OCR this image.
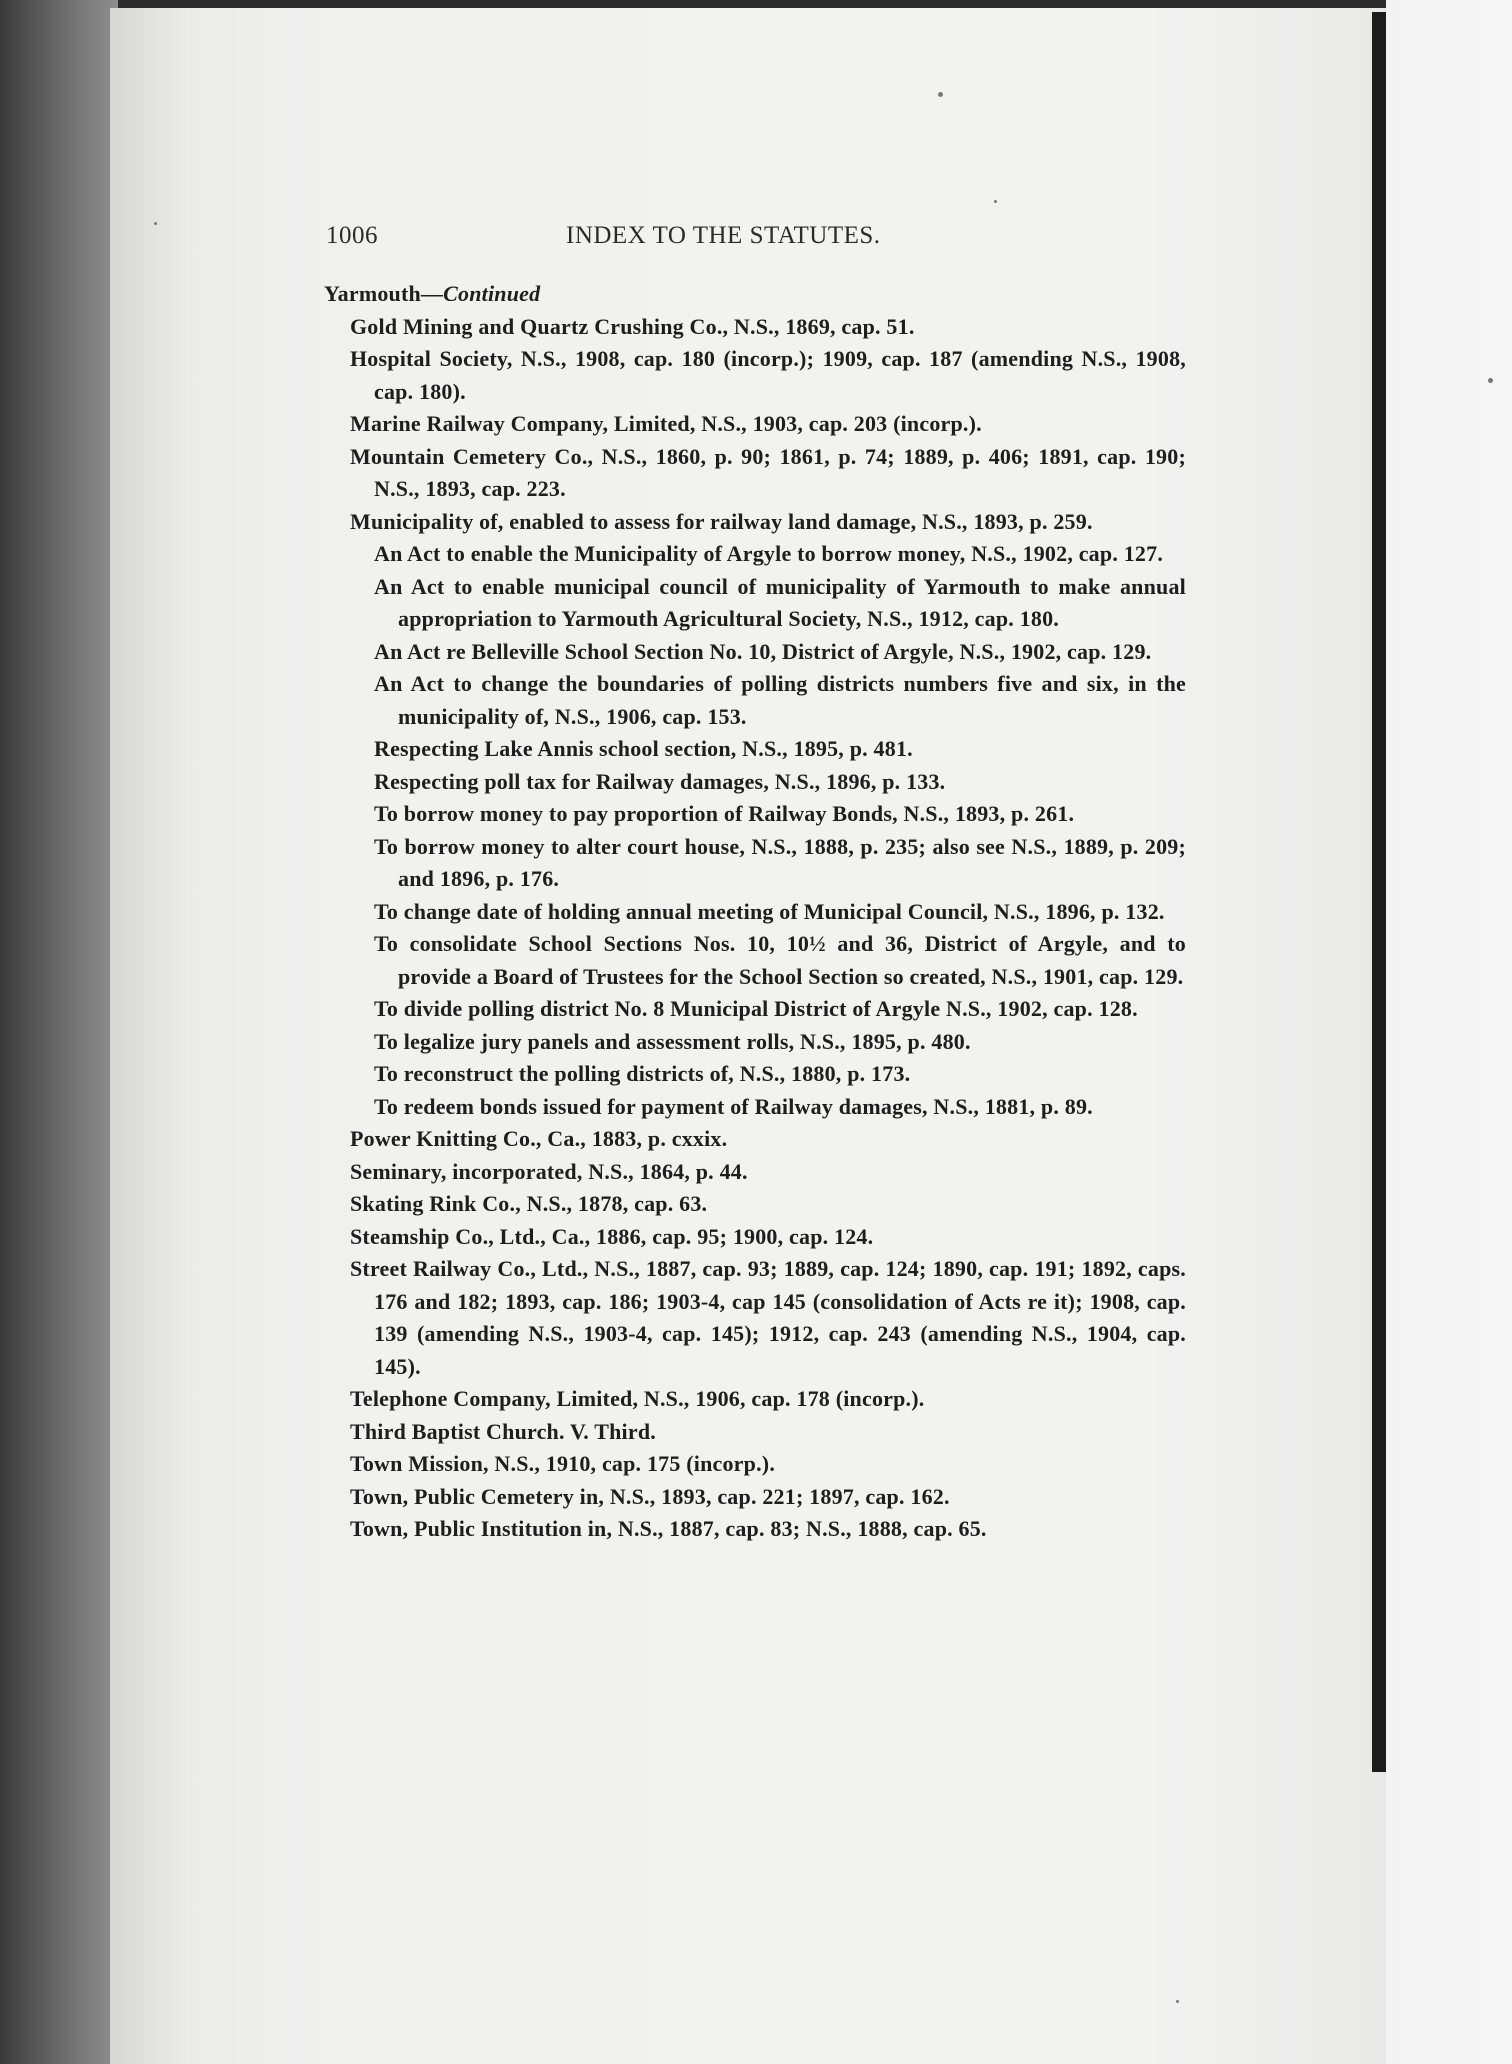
1006	INDEX TO THE STATUTES.

Yarmouth—Continued

Gold Mining and Quartz Crushing Co., N.S., 1869, cap. 51.

Hospital Society, N.S., 1908, cap. 180 (incorp.); 1909, cap. 187 (amending N.S., 1908, cap. 180).

Marine Railway Company, Limited, N.S., 1903, cap. 203 (incorp.).

Mountain Cemetery Co., N.S., 1860, p. 90; 1861, p. 74; 1889, p. 406; 1891, cap. 190; N.S., 1893, cap. 223.

Municipality of, enabled to assess for railway land damage, N.S., 1893, p. 259.

An Act to enable the Municipality of Argyle to borrow money, N.S., 1902, cap. 127.

An Act to enable municipal council of municipality of Yarmouth to make annual appropriation to Yarmouth Agricultural Society, N.S., 1912, cap. 180.

An Act re Belleville School Section No. 10, District of Argyle, N.S., 1902, cap. 129.

An Act to change the boundaries of polling districts numbers five and six, in the municipality of, N.S., 1906, cap. 153.

Respecting Lake Annis school section, N.S., 1895, p. 481.

Respecting poll tax for Railway damages, N.S., 1896, p. 133.

To borrow money to pay proportion of Railway Bonds, N.S., 1893, p. 261.

To borrow money to alter court house, N.S., 1888, p. 235; also see N.S., 1889, p. 209; and 1896, p. 176.

To change date of holding annual meeting of Municipal Council, N.S., 1896, p. 132.

To consolidate School Sections Nos. 10, 10½ and 36, District of Argyle, and to provide a Board of Trustees for the School Section so created, N.S., 1901, cap. 129.

To divide polling district No. 8 Municipal District of Argyle N.S., 1902, cap. 128.

To legalize jury panels and assessment rolls, N.S., 1895, p. 480.

To reconstruct the polling districts of, N.S., 1880, p. 173.

To redeem bonds issued for payment of Railway damages, N.S., 1881, p. 89.

Power Knitting Co., Ca., 1883, p. cxxix.

Seminary, incorporated, N.S., 1864, p. 44.

Skating Rink Co., N.S., 1878, cap. 63.

Steamship Co., Ltd., Ca., 1886, cap. 95; 1900, cap. 124.

Street Railway Co., Ltd., N.S., 1887, cap. 93; 1889, cap. 124; 1890, cap. 191; 1892, caps. 176 and 182; 1893, cap. 186; 1903-4, cap 145 (consolidation of Acts re it); 1908, cap. 139 (amending N.S., 1903-4, cap. 145); 1912, cap. 243 (amending N.S., 1904, cap. 145).

Telephone Company, Limited, N.S., 1906, cap. 178 (incorp.).

Third Baptist Church. V. Third.

Town Mission, N.S., 1910, cap. 175 (incorp.).

Town, Public Cemetery in, N.S., 1893, cap. 221; 1897, cap. 162.

Town, Public Institution in, N.S., 1887, cap. 83; N.S., 1888, cap. 65.
